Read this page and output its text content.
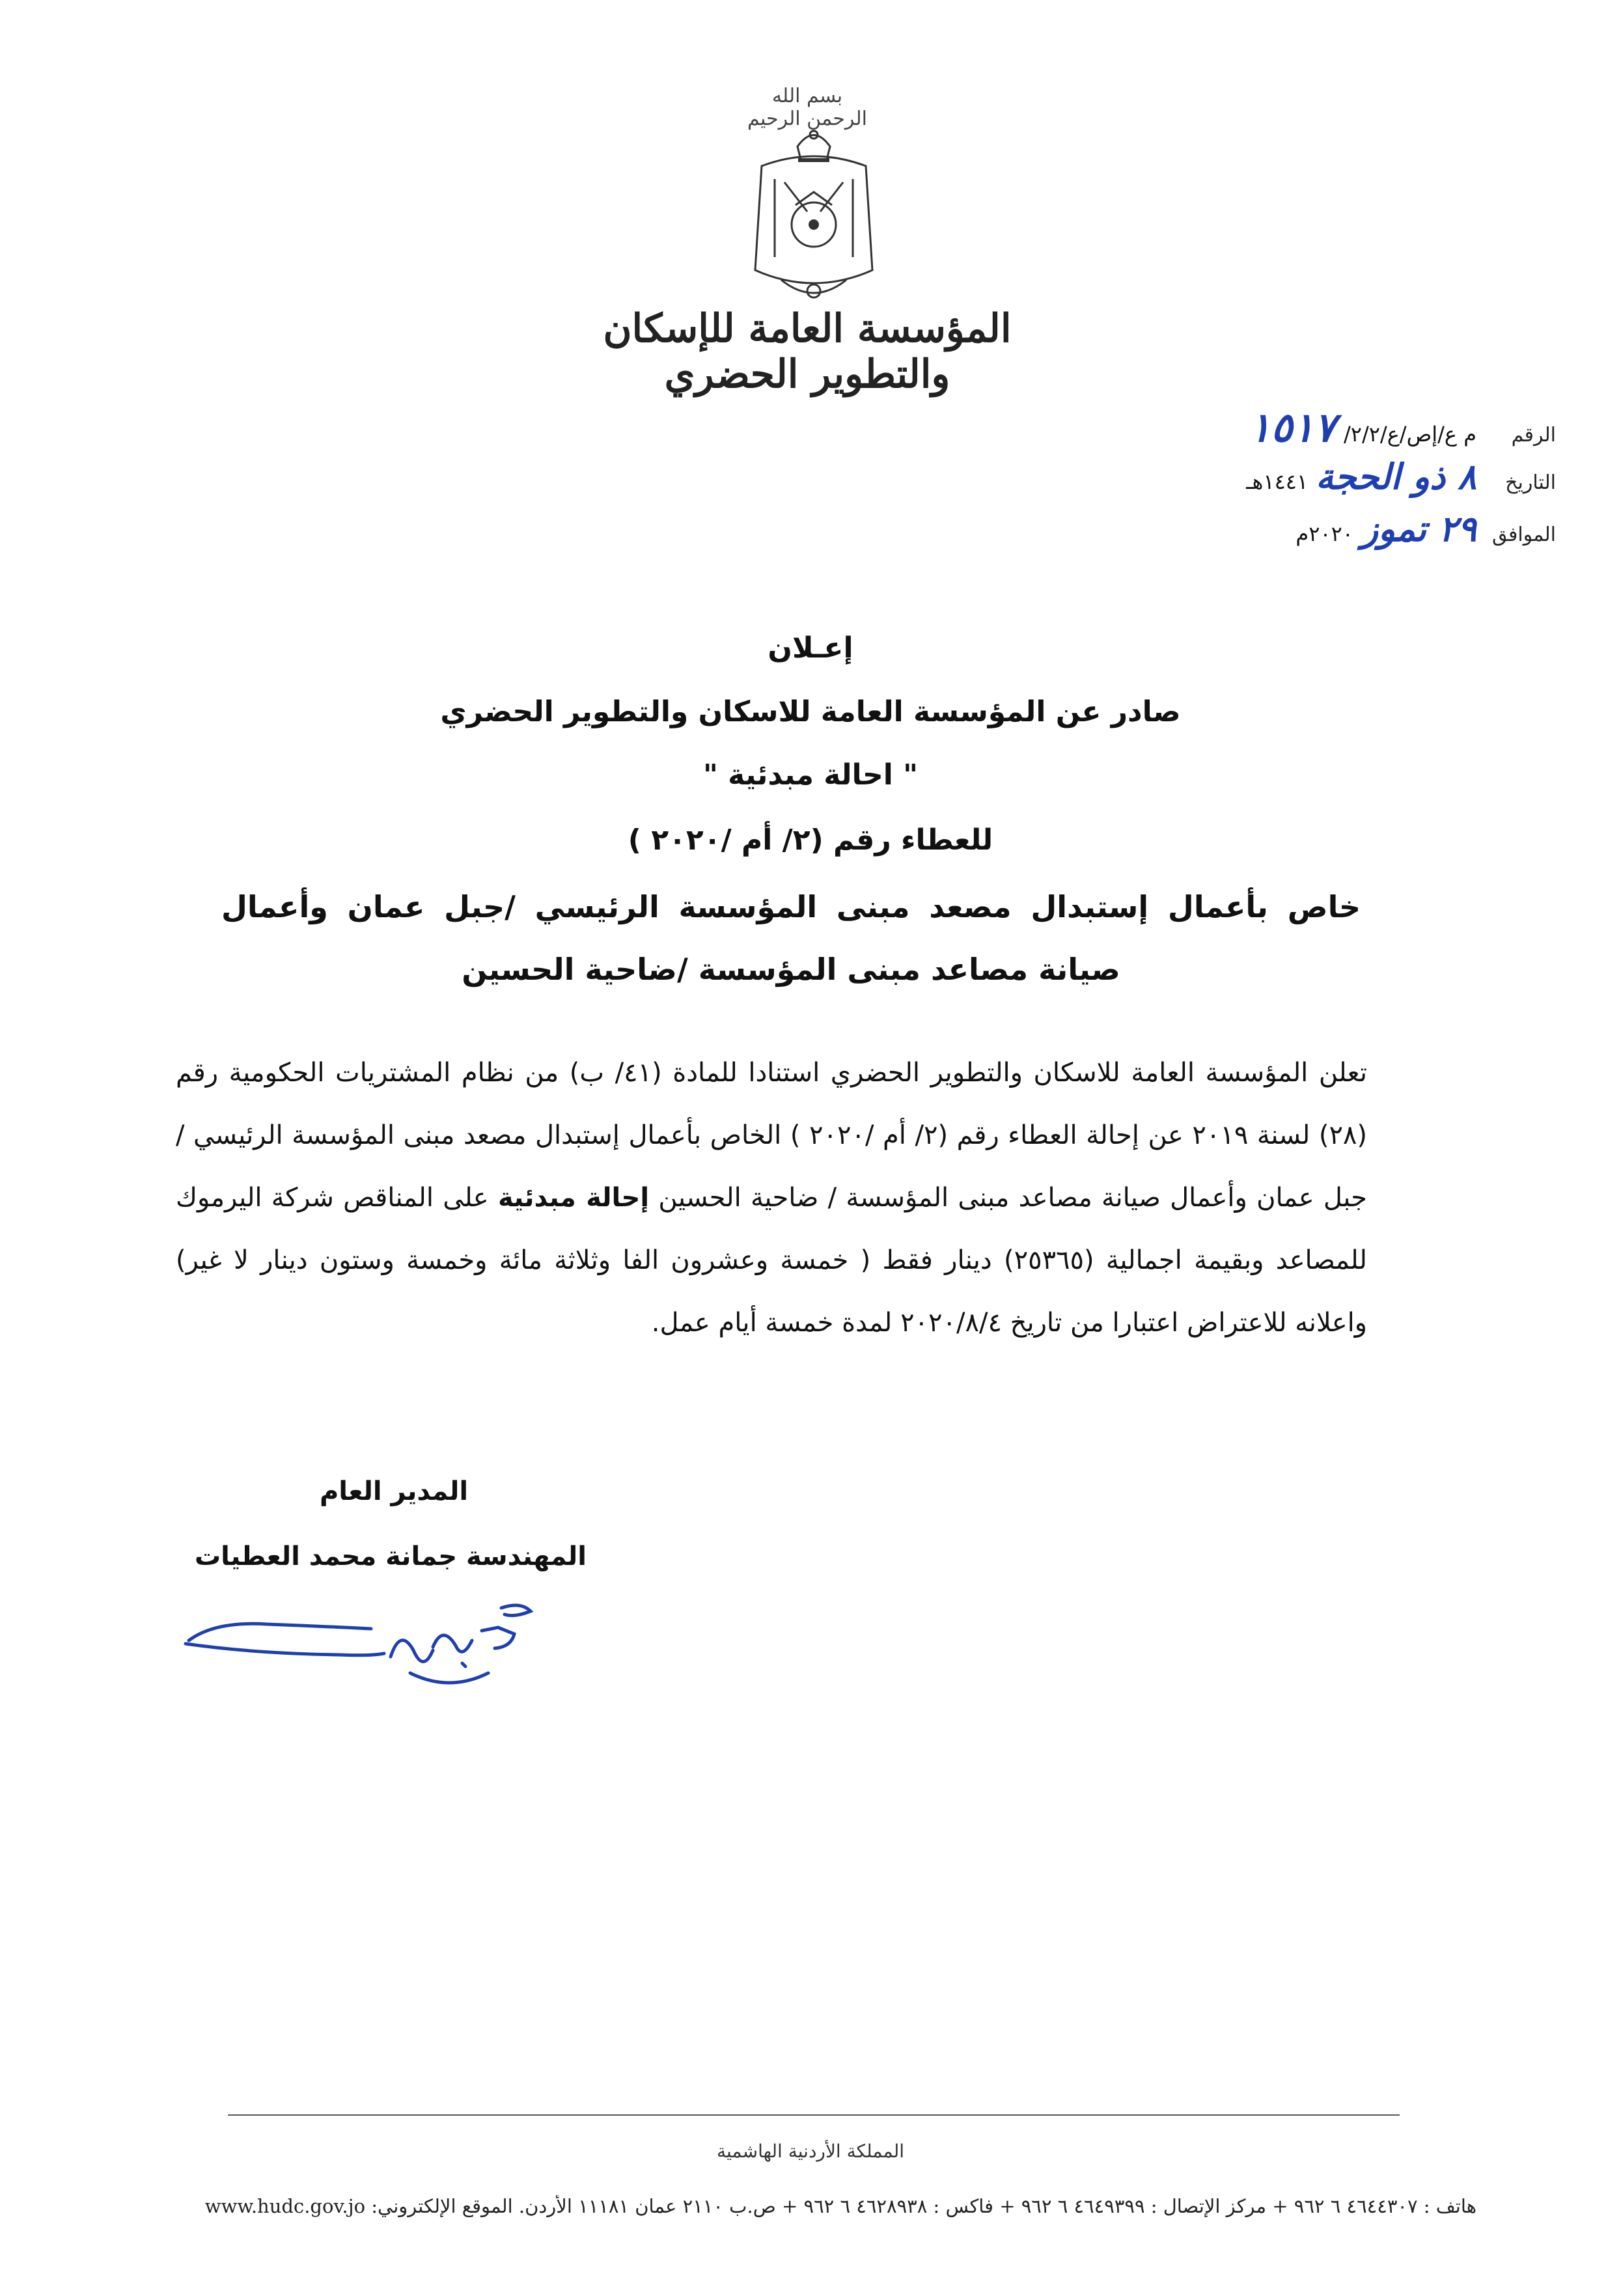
بسم الله الرحمن الرحيم
المؤسسة العامة للإسكان والتطوير الحضري
الرقم
م ع/إص/ع/٢/٢/
١٥١٧
التاريخ
٨ ذو الحجة
١٤٤١هـ
الموافق
٢٩ تموز
٢٠٢٠م
إعـلان
صادر عن المؤسسة العامة للاسكان والتطوير الحضري
" احالة مبدئية "
للعطاء رقم (٢/ أم /٢٠٢٠ )
خاص بأعمال إستبدال مصعد مبنى المؤسسة الرئيسي /جبل عمان وأعمال صيانة مصاعد مبنى المؤسسة /ضاحية الحسين
تعلن المؤسسة العامة للاسكان والتطوير الحضري استنادا للمادة (٤١/ ب) من نظام المشتريات الحكومية رقم (٢٨) لسنة ٢٠١٩ عن إحالة العطاء رقم (٢/ أم /٢٠٢٠ ) الخاص بأعمال إستبدال مصعد مبنى المؤسسة الرئيسي / جبل عمان وأعمال صيانة مصاعد مبنى المؤسسة / ضاحية الحسين إحالة مبدئية على المناقص شركة اليرموك للمصاعد وبقيمة اجمالية (٢٥٣٦٥) دينار فقط ( خمسة وعشرون الفا وثلاثة مائة وخمسة وستون دينار لا غير) واعلانه للاعتراض اعتبارا من تاريخ ٢٠٢٠/٨/٤ لمدة خمسة أيام عمل.
المدير العام
المهندسة جمانة محمد العطيات
المملكة الأردنية الهاشمية
هاتف : ٤٦٤٤٣٠٧ ٦ ٩٦٢ + مركز الإتصال : ٤٦٤٩٣٩٩ ٦ ٩٦٢ + فاكس : ٤٦٢٨٩٣٨ ٦ ٩٦٢ + ص.ب ٢١١٠ عمان ١١١٨١ الأردن. الموقع الإلكتروني: www.hudc.gov.jo
